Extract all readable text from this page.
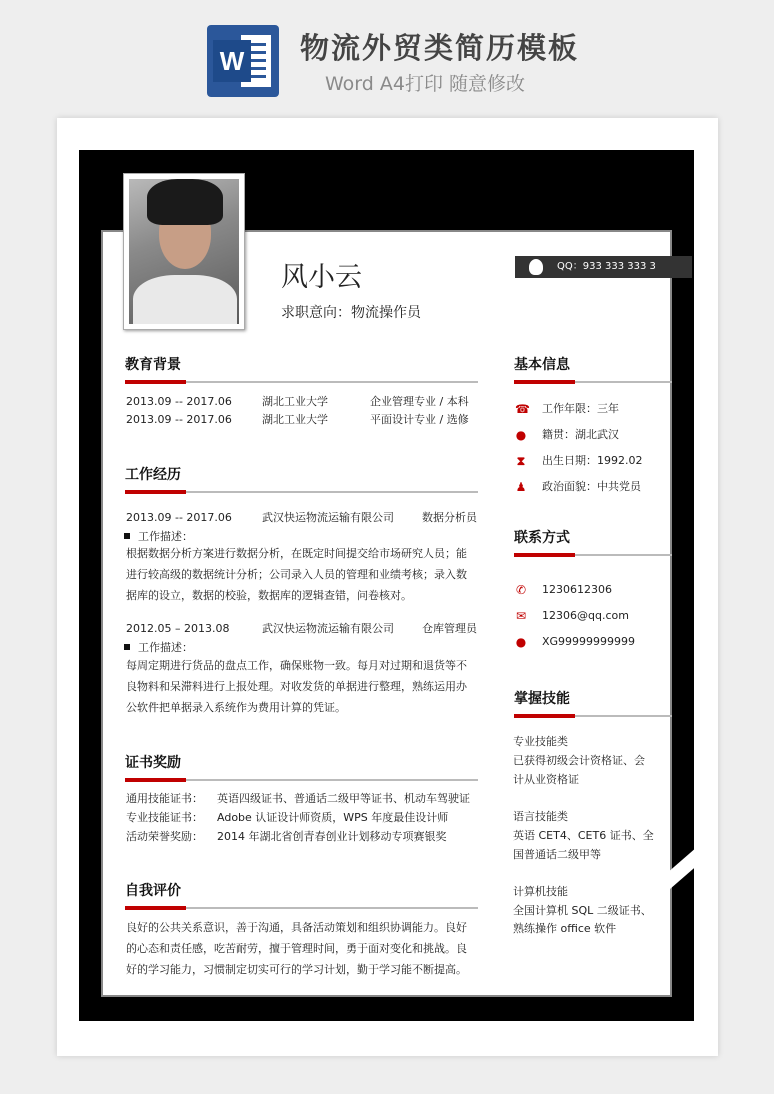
W 物流外贸类简历模板
Word A4打印 随意修改
风小云
求职意向：物流操作员
QQ：933 333 333 3
教育背景
2013.09 -- 2017.06	湖北工业大学	企业管理专业 / 本科
2013.09 -- 2017.06	湖北工业大学	平面设计专业 / 选修
工作经历
2013.09 -- 2017.06	武汉快运物流运输有限公司	数据分析员
工作描述：
根据数据分析方案进行数据分析，在既定时间提交给市场研究人员；能
进行较高级的数据统计分析；公司录入人员的管理和业绩考核；录入数
据库的设立，数据的校验，数据库的逻辑查错，问卷核对。
2012.05 – 2013.08	武汉快运物流运输有限公司	仓库管理员
工作描述：
每周定期进行货品的盘点工作，确保账物一致。每月对过期和退货等不
良物料和呆滞料进行上报处理。对收发货的单据进行整理，熟练运用办
公软件把单据录入系统作为费用计算的凭证。
证书奖励
通用技能证书： 英语四级证书、普通话二级甲等证书、机动车驾驶证
专业技能证书： Adobe 认证设计师资质，WPS 年度最佳设计师
活动荣誉奖励： 2014 年湖北省创青春创业计划移动专项赛银奖
自我评价
良好的公共关系意识，善于沟通，具备活动策划和组织协调能力。良好
的心态和责任感，吃苦耐劳，擅于管理时间，勇于面对变化和挑战。良
好的学习能力，习惯制定切实可行的学习计划，勤于学习能不断提高。
基本信息
☎ 工作年限：三年
● 籍贯：湖北武汉
⧗ 出生日期：1992.02
♟ 政治面貌：中共党员
联系方式
✆ 1230612306
✉ 12306@qq.com
● XG99999999999
掌握技能
专业技能类
已获得初级会计资格证、会
计从业资格证
语言技能类
英语 CET4、CET6 证书、全
国普通话二级甲等
计算机技能
全国计算机 SQL 二级证书、
熟练操作 office 软件
